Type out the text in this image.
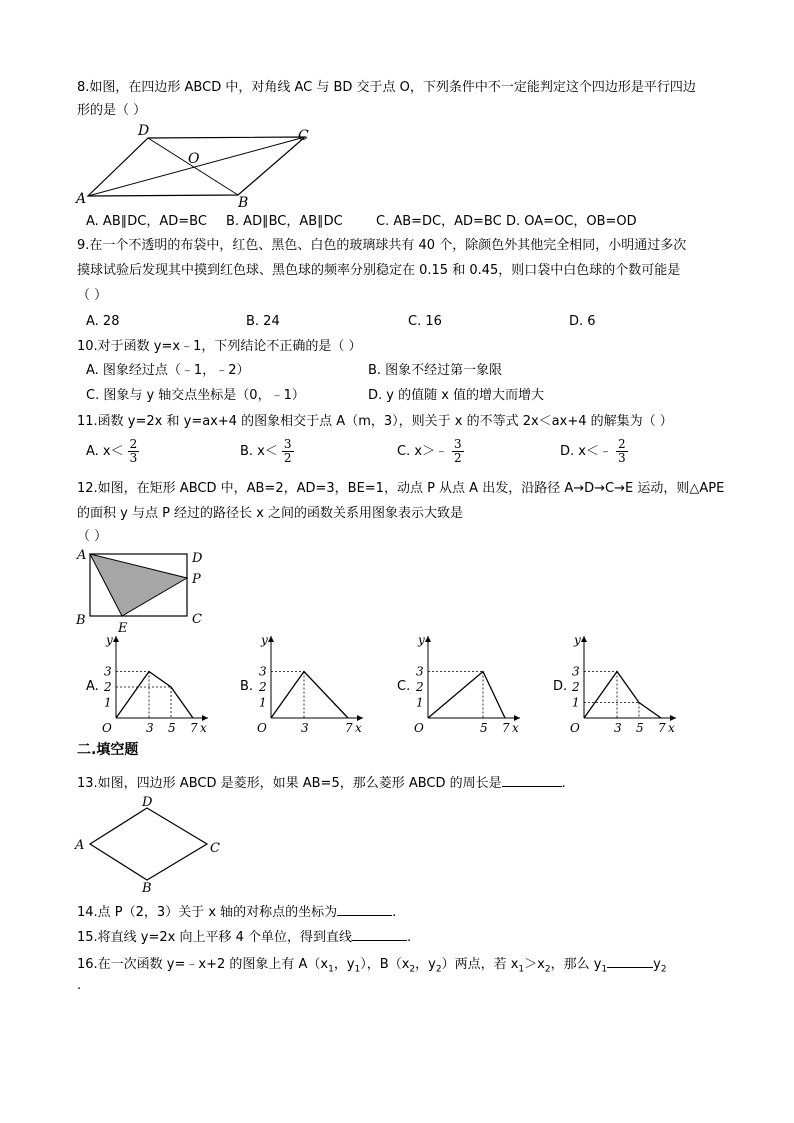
8.如图，在四边形 ABCD 中，对角线 AC 与 BD 交于点 O，下列条件中不一定能判定这个四边形是平行四边
形的是（ ）
D	C
O
A	B
A. AB∥DC，AD=BC B. AD∥BC，AB∥DC	C. AB=DC，AD=BC D. OA=OC，OB=OD
9.在一个不透明的布袋中，红色、黑色、白色的玻璃球共有 40 个，除颜色外其他完全相同，小明通过多次
摸球试验后发现其中摸到红色球、黑色球的频率分别稳定在 0.15 和 0.45，则口袋中白色球的个数可能是
（ ）
A. 28	B. 24	C. 16	D. 6
10.对于函数 y=x﹣1，下列结论不正确的是（ ）
A. 图象经过点（﹣1，﹣2）	B. 图象不经过第一象限
C. 图象与 y 轴交点坐标是（0，﹣1）	D. y 的值随 x 值的增大而增大
11.函数 y=2x 和 y=ax+4 的图象相交于点 A（m，3），则关于 x 的不等式 2x＜ax+4 的解集为（ ）
A. $x< \frac{2}{3}$	B. $x< \frac{3}{2}$	C. x＞﹣ $\frac{3}{2}$	D. x＜﹣ $\frac{2}{3}$
12.如图，在矩形 ABCD 中，AB=2，AD=3，BE=1，动点 P 从点 A 出发，沿路径 A→D→C→E 运动，则△APE
的面积 y 与点 P 经过的路径长 x 之间的函数关系用图象表示大致是
（ ）
A	D
P
B	C
E
A.	B.	C.	D.
x
y
O
1
2
3
3 5 7	x
y
O
1
2
3
3	7	x
y
O
1
2
3
5 7	x
y
O
1
2
3
3 5 7
二.填空题
13.如图，四边形 ABCD 是菱形，如果 AB=5，那么菱形 ABCD 的周长是	.
D
A	C
B
14.点 P（2，3）关于 x 轴的对称点的坐标为	.
15.将直线 y=2x 向上平移 4 个单位，得到直线	.
16.在一次函数 y=﹣x+2 的图象上有 $A(x_1$，$y_1$），$B(x_2$，$y_2$）两点，若 $x_1>x_2$，那么 $y_1$	$y_2$
.
